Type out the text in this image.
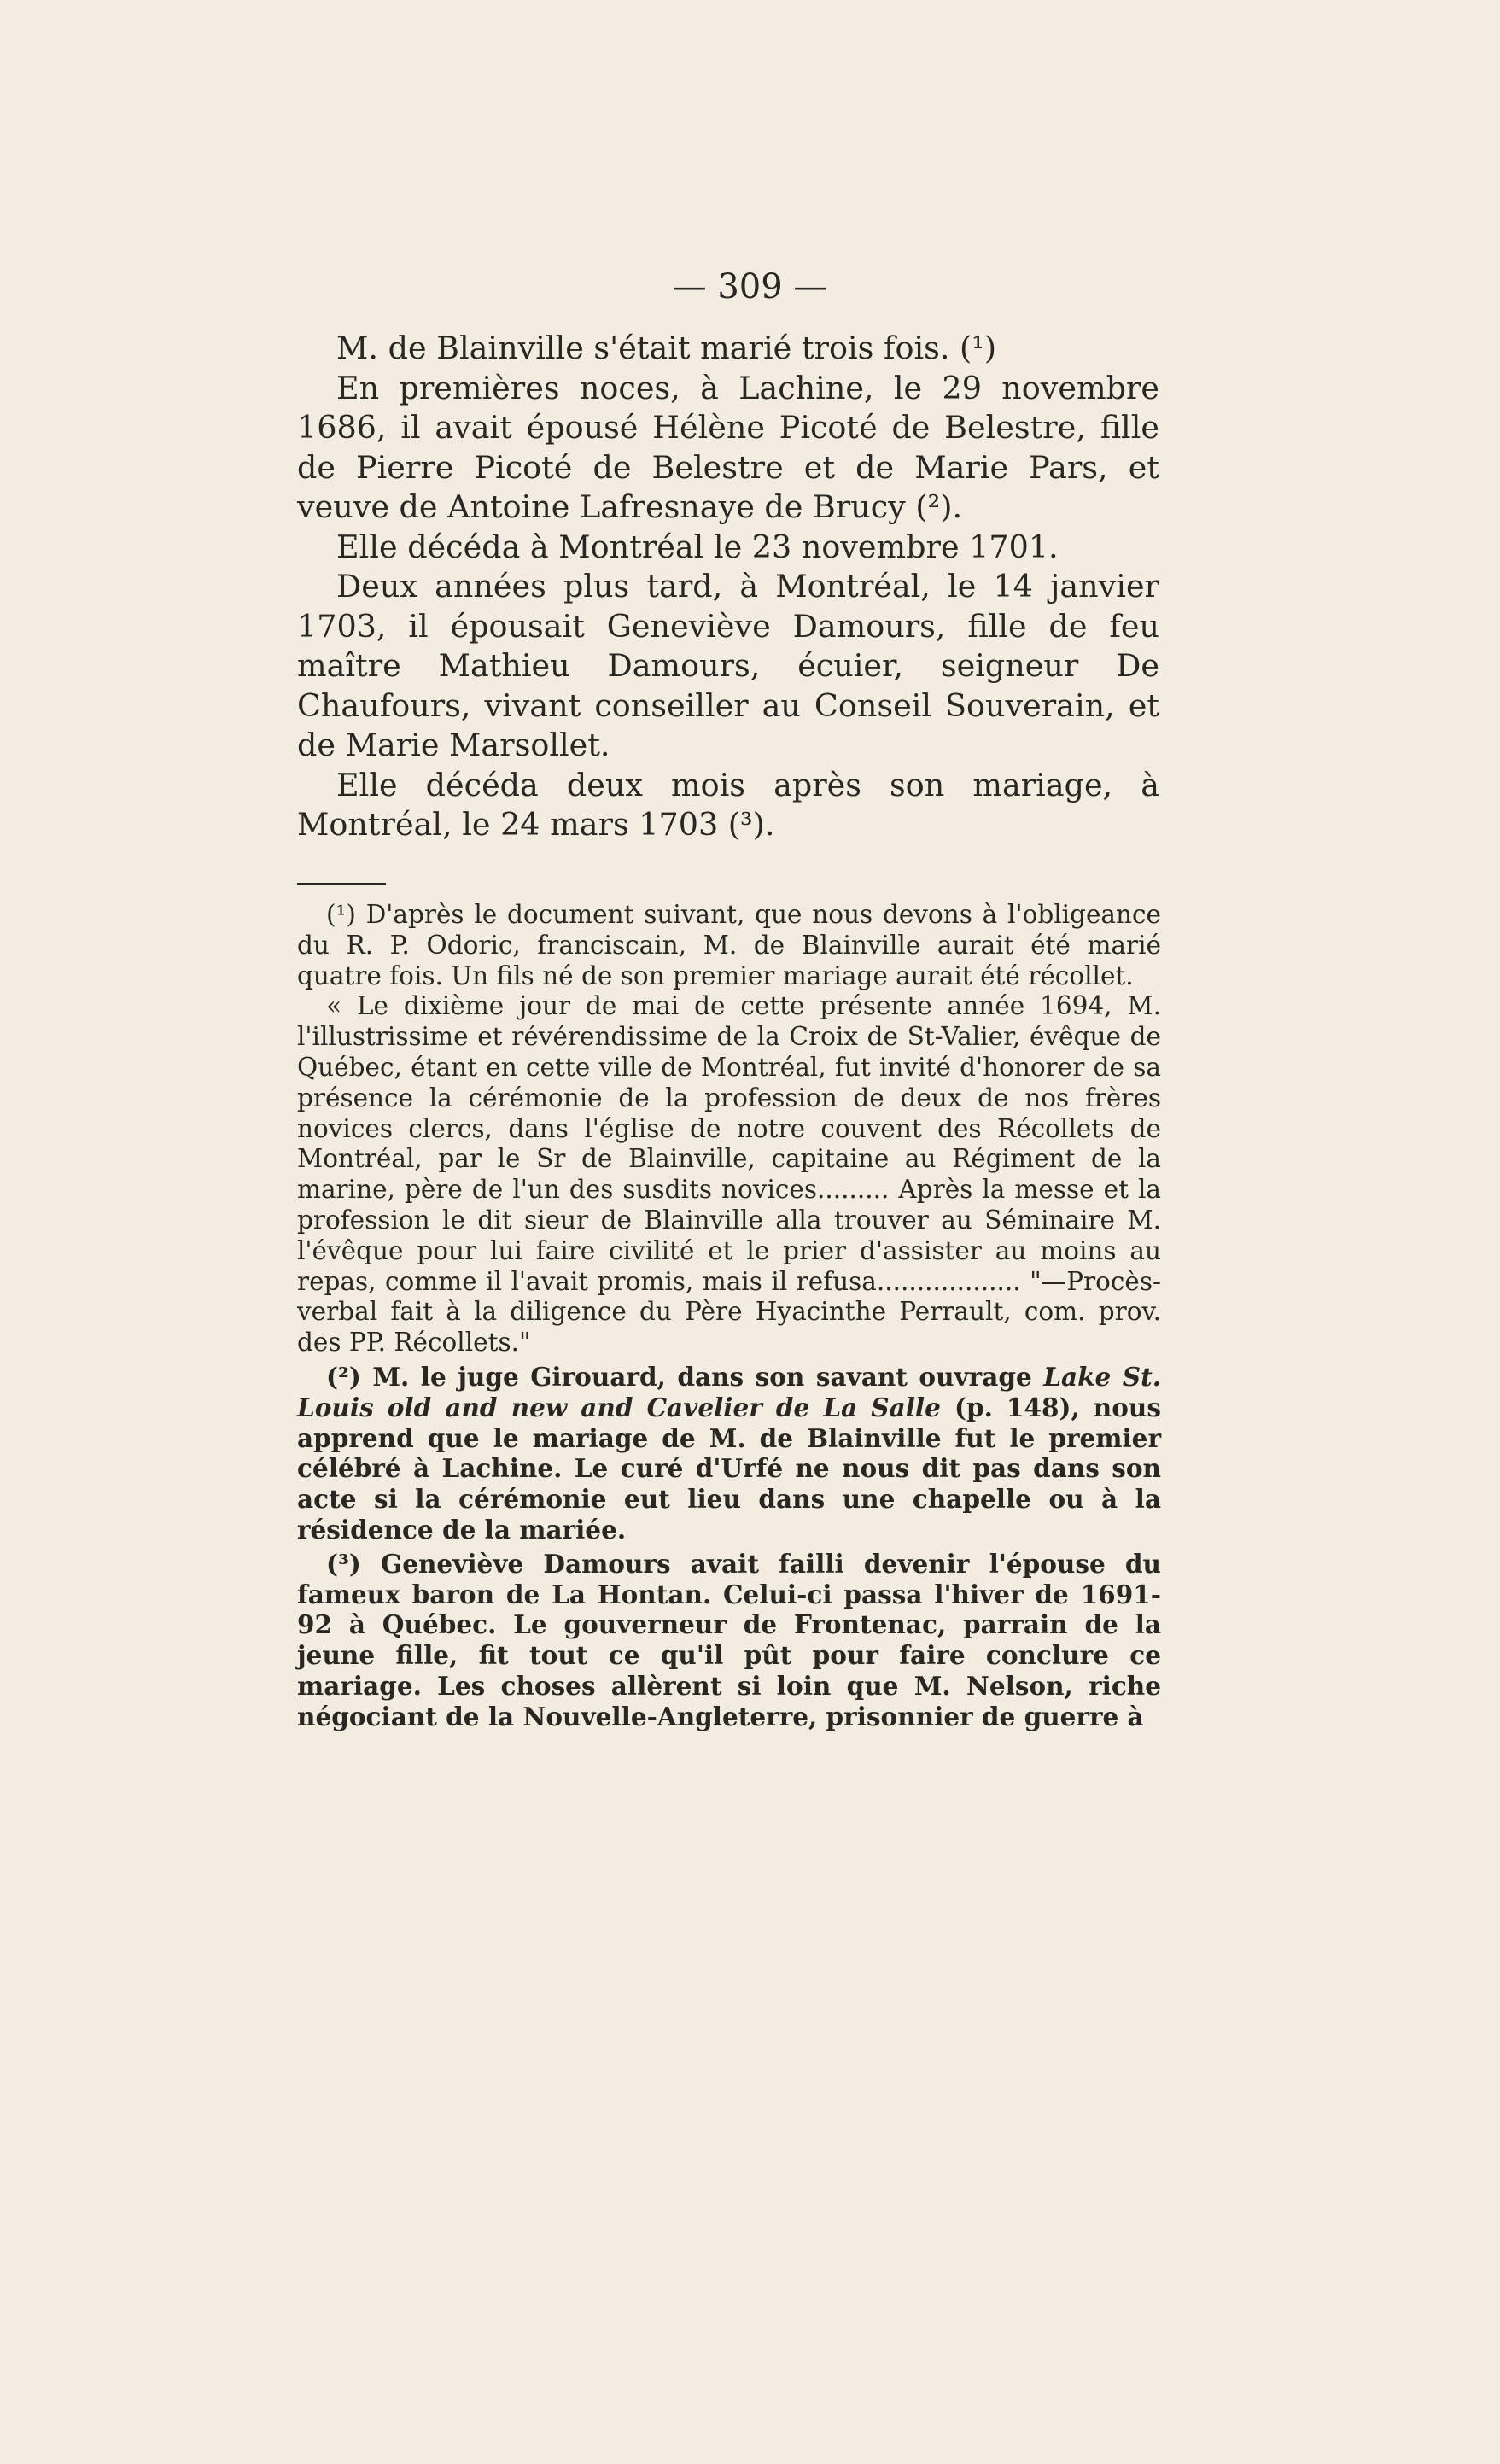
— 309 —

M. de Blainville s'était marié trois fois. (¹)

En premières noces, à Lachine, le 29 novembre 1686, il avait épousé Hélène Picoté de Belestre, fille de Pierre Picoté de Belestre et de Marie Pars, et veuve de Antoine Lafresnaye de Brucy (²).

Elle décéda à Montréal le 23 novembre 1701.

Deux années plus tard, à Montréal, le 14 janvier 1703, il épousait Geneviève Damours, fille de feu maître Mathieu Damours, écuier, seigneur De Chaufours, vivant conseiller au Conseil Souverain, et de Marie Marsollet.

Elle décéda deux mois après son mariage, à Montréal, le 24 mars 1703 (³).

(¹) D'après le document suivant, que nous devons à l'obligeance du R. P. Odoric, franciscain, M. de Blainville aurait été marié quatre fois. Un fils né de son premier mariage aurait été récollet.

« Le dixième jour de mai de cette présente année 1694, M. l'illustrissime et révérendissime de la Croix de St-Valier, évêque de Québec, étant en cette ville de Montréal, fut invité d'honorer de sa présence la cérémonie de la profession de deux de nos frères novices clercs, dans l'église de notre couvent des Récollets de Montréal, par le Sr de Blainville, capitaine au Régiment de la marine, père de l'un des susdits novices......... Après la messe et la profession le dit sieur de Blainville alla trouver au Séminaire M. l'évêque pour lui faire civilité et le prier d'assister au moins au repas, comme il l'avait promis, mais il refusa.................. "—Procès-verbal fait à la diligence du Père Hyacinthe Perrault, com. prov. des PP. Récollets."

(²) M. le juge Girouard, dans son savant ouvrage Lake St. Louis old and new and Cavelier de La Salle (p. 148), nous apprend que le mariage de M. de Blainville fut le premier célébré à Lachine. Le curé d'Urfé ne nous dit pas dans son acte si la cérémonie eut lieu dans une chapelle ou à la résidence de la mariée.

(³) Geneviève Damours avait failli devenir l'épouse du fameux baron de La Hontan. Celui-ci passa l'hiver de 1691-92 à Québec. Le gouverneur de Frontenac, parrain de la jeune fille, fit tout ce qu'il pût pour faire conclure ce mariage. Les choses allèrent si loin que M. Nelson, riche négociant de la Nouvelle-Angleterre, prisonnier de guerre à
